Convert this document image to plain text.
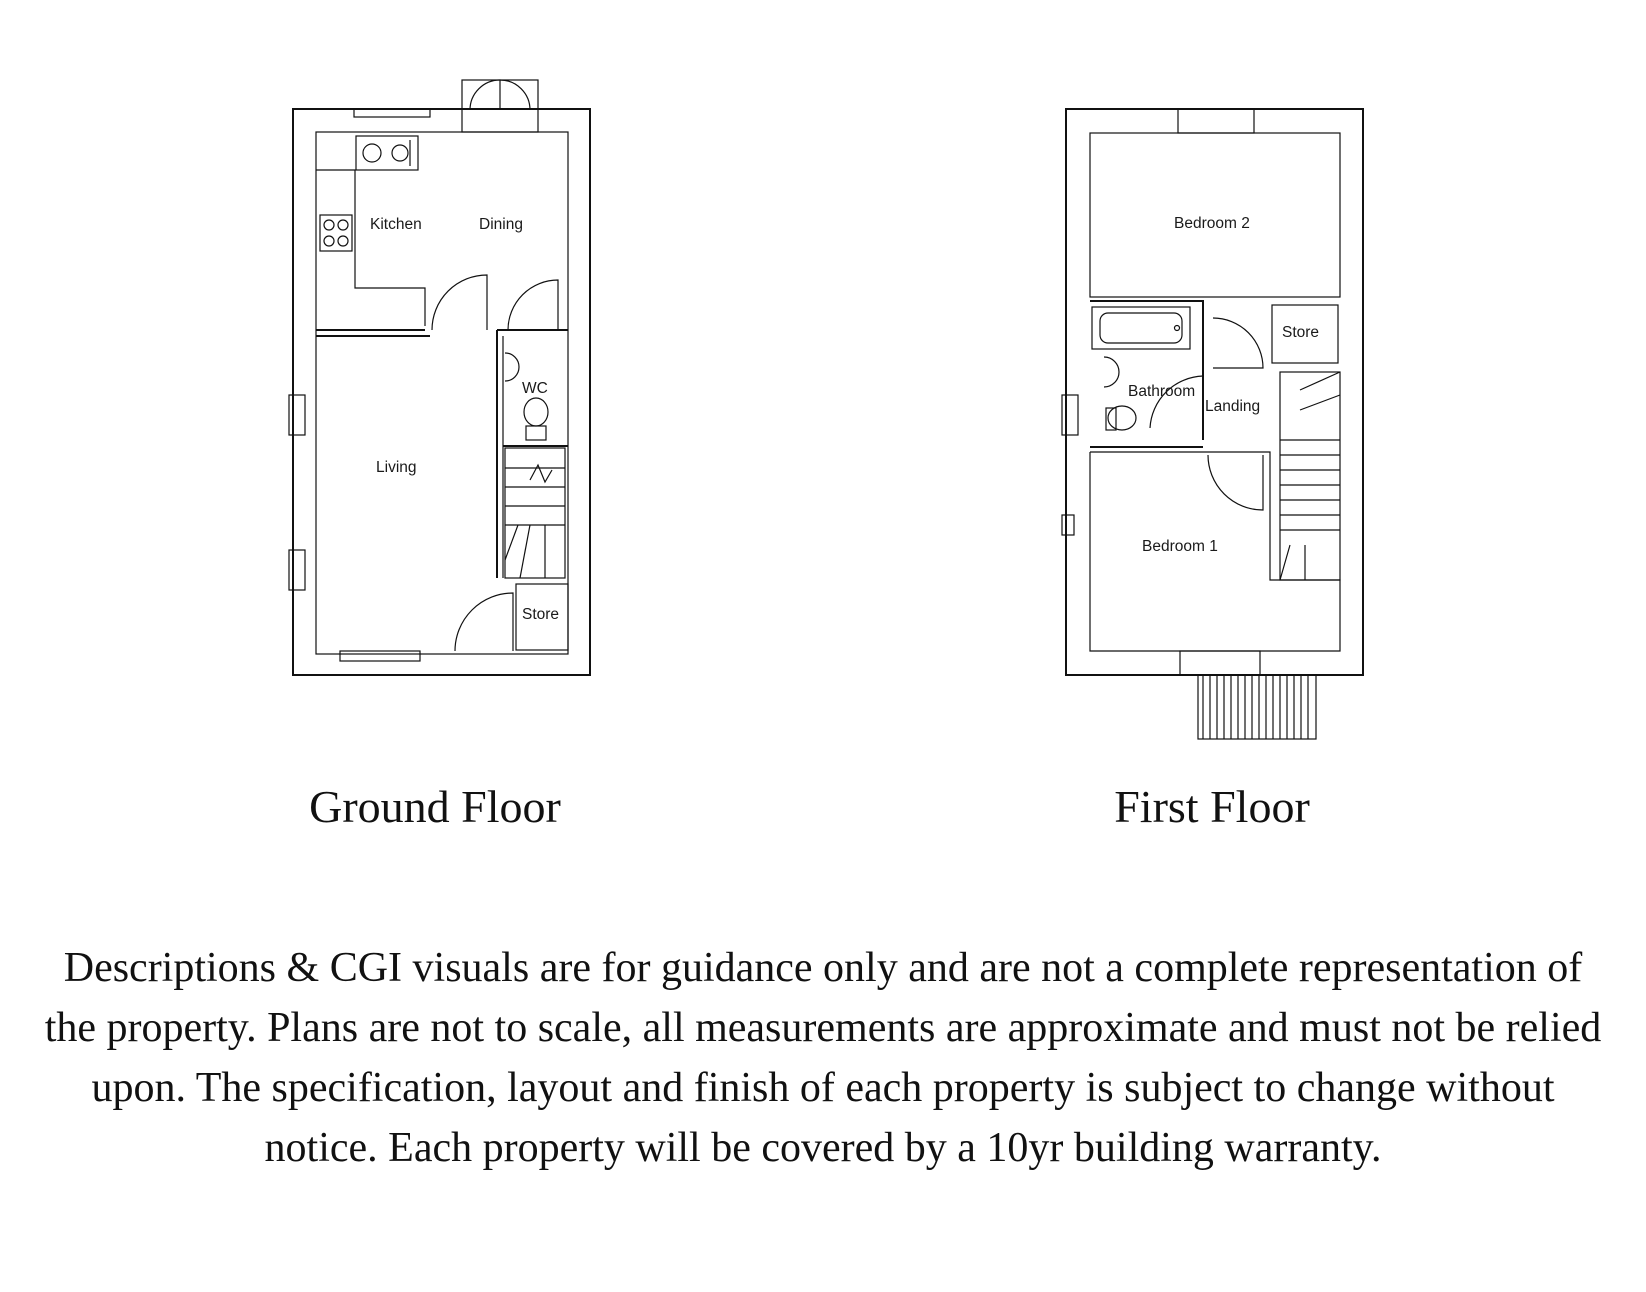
Kitchen	Dining
WC
Living
Store
Bedroom 2
Store
Bathroom
Landing
Bedroom 1

Ground Floor	First Floor

Descriptions & CGI visuals are for guidance only and are not a complete representation of the property. Plans are not to scale, all measurements are approximate and must not be relied upon. The specification, layout and finish of each property is subject to change without notice. Each property will be covered by a 10yr building warranty.
